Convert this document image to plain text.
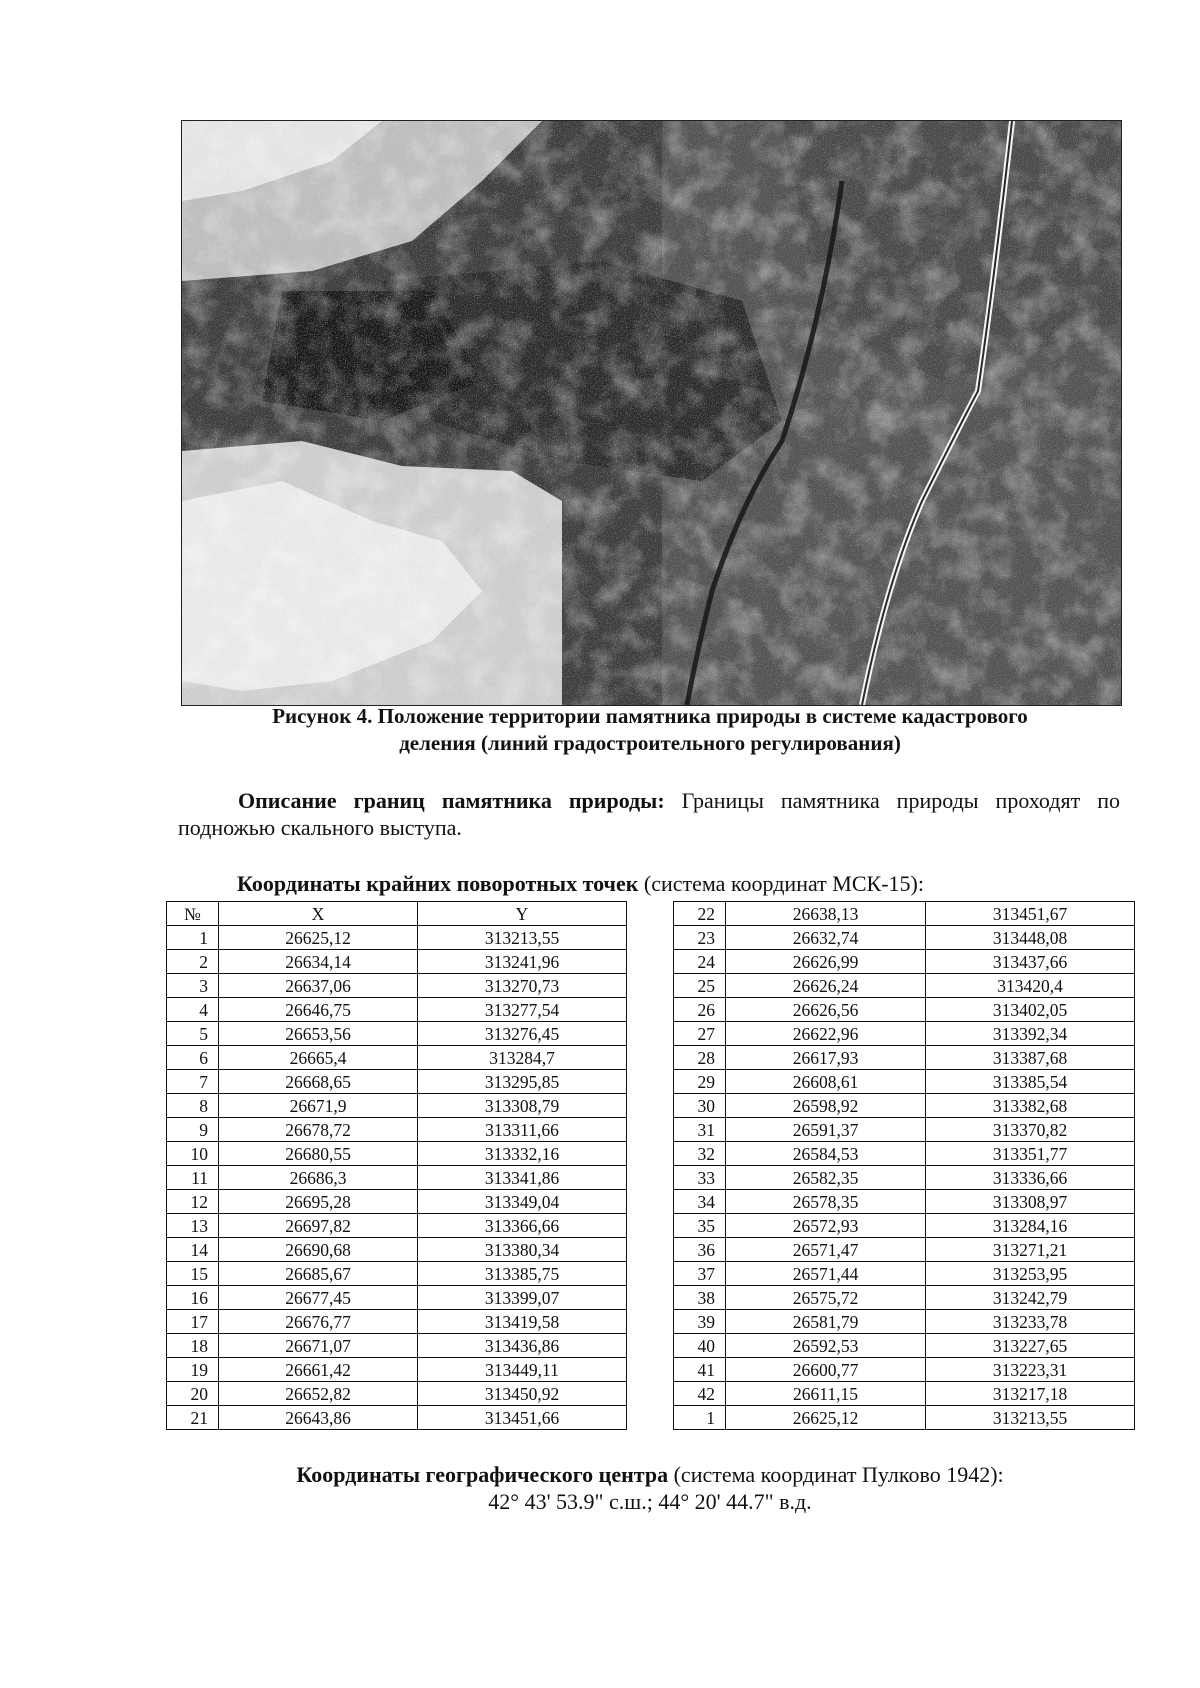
Рисунок 4. Положение территории памятника природы в системе кадастрового
деления (линий градостроительного регулирования)
Описание границ памятника природы: Границы памятника природы проходят по подножью скального выступа.
Координаты крайних поворотных точек (система координат МСК-15):
№	X	Y
1	26625,12	313213,55
2	26634,14	313241,96
3	26637,06	313270,73
4	26646,75	313277,54
5	26653,56	313276,45
6	26665,4	313284,7
7	26668,65	313295,85
8	26671,9	313308,79
9	26678,72	313311,66
10	26680,55	313332,16
11	26686,3	313341,86
12	26695,28	313349,04
13	26697,82	313366,66
14	26690,68	313380,34
15	26685,67	313385,75
16	26677,45	313399,07
17	26676,77	313419,58
18	26671,07	313436,86
19	26661,42	313449,11
20	26652,82	313450,92
21	26643,86	313451,66
22	26638,13	313451,67
23	26632,74	313448,08
24	26626,99	313437,66
25	26626,24	313420,4
26	26626,56	313402,05
27	26622,96	313392,34
28	26617,93	313387,68
29	26608,61	313385,54
30	26598,92	313382,68
31	26591,37	313370,82
32	26584,53	313351,77
33	26582,35	313336,66
34	26578,35	313308,97
35	26572,93	313284,16
36	26571,47	313271,21
37	26571,44	313253,95
38	26575,72	313242,79
39	26581,79	313233,78
40	26592,53	313227,65
41	26600,77	313223,31
42	26611,15	313217,18
1	26625,12	313213,55
Координаты географического центра (система координат Пулково 1942):
42° 43' 53.9" с.ш.; 44° 20' 44.7" в.д.
